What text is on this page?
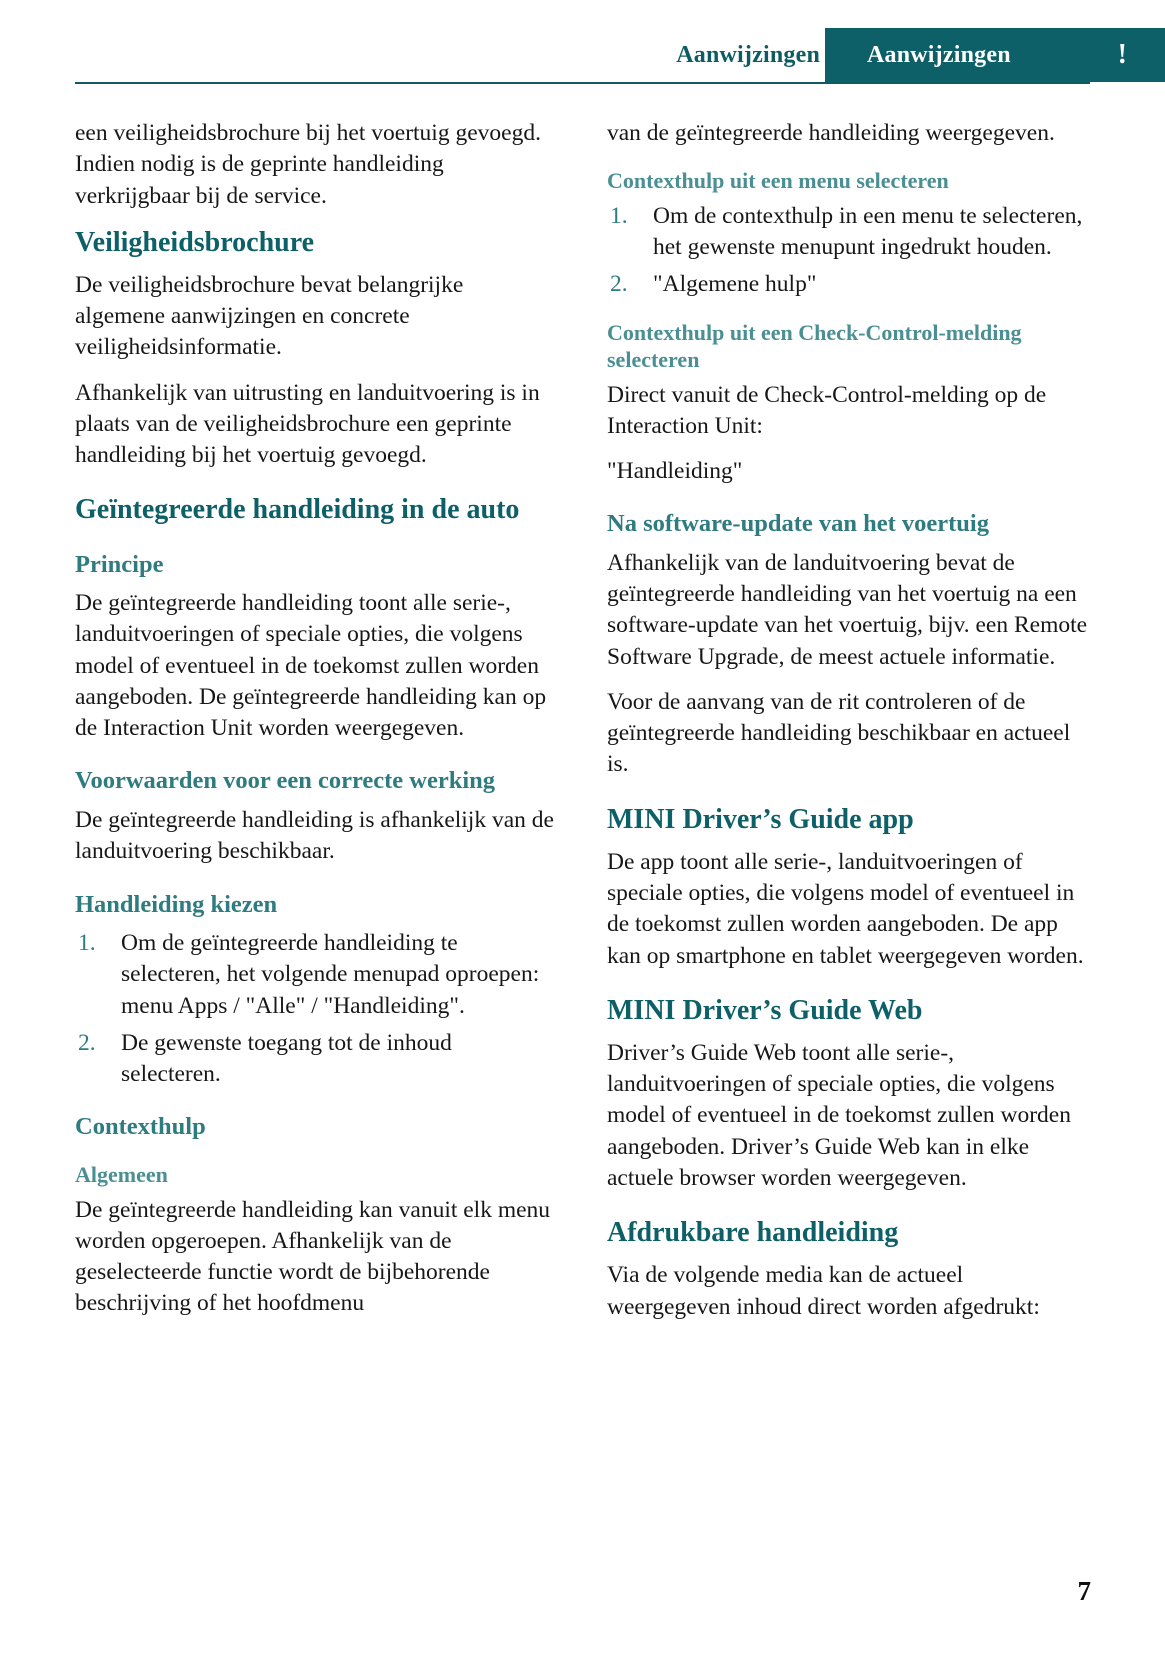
Aanwijzingen Aanwijzingen	!

een veiligheidsbrochure bij het voertuig gevoegd. Indien nodig is de geprinte handleiding verkrijgbaar bij de service.

Veiligheidsbrochure

De veiligheidsbrochure bevat belangrijke algemene aanwijzingen en concrete veiligheidsinformatie.

Afhankelijk van uitrusting en landuitvoering is in plaats van de veiligheidsbrochure een geprinte handleiding bij het voertuig gevoegd.

Geïntegreerde handleiding in de auto
Principe

De geïntegreerde handleiding toont alle serie-, landuitvoeringen of speciale opties, die volgens model of eventueel in de toekomst zullen worden aangeboden. De geïntegreerde handleiding kan op de Interaction Unit worden weergegeven.

Voorwaarden voor een correcte werking

De geïntegreerde handleiding is afhankelijk van de landuitvoering beschikbaar.

Handleiding kiezen
Om de geïntegreerde handleiding te selecteren, het volgende menupad oproepen: menu Apps / "Alle" / "Handleiding".
De gewenste toegang tot de inhoud selecteren.
Contexthulp
Algemeen

De geïntegreerde handleiding kan vanuit elk menu worden opgeroepen. Afhankelijk van de geselecteerde functie wordt de bijbehorende beschrijving of het hoofdmenu

van de geïntegreerde handleiding weergegeven.

Contexthulp uit een menu selecteren
Om de contexthulp in een menu te selecteren, het gewenste menupunt ingedrukt houden.
"Algemene hulp"
Contexthulp uit een Check-Control-melding selecteren

Direct vanuit de Check-Control-melding op de Interaction Unit:

"Handleiding"

Na software-update van het voertuig

Afhankelijk van de landuitvoering bevat de geïntegreerde handleiding van het voertuig na een software-update van het voertuig, bijv. een Remote Software Upgrade, de meest actuele informatie.

Voor de aanvang van de rit controleren of de geïntegreerde handleiding beschikbaar en actueel is.

MINI Driver’s Guide app

De app toont alle serie-, landuitvoeringen of speciale opties, die volgens model of eventueel in de toekomst zullen worden aangeboden. De app kan op smartphone en tablet weergegeven worden.

MINI Driver’s Guide Web

Driver’s Guide Web toont alle serie-, landuitvoeringen of speciale opties, die volgens model of eventueel in de toekomst zullen worden aangeboden. Driver’s Guide Web kan in elke actuele browser worden weergegeven.

Afdrukbare handleiding

Via de volgende media kan de actueel weergegeven inhoud direct worden afgedrukt:

7
